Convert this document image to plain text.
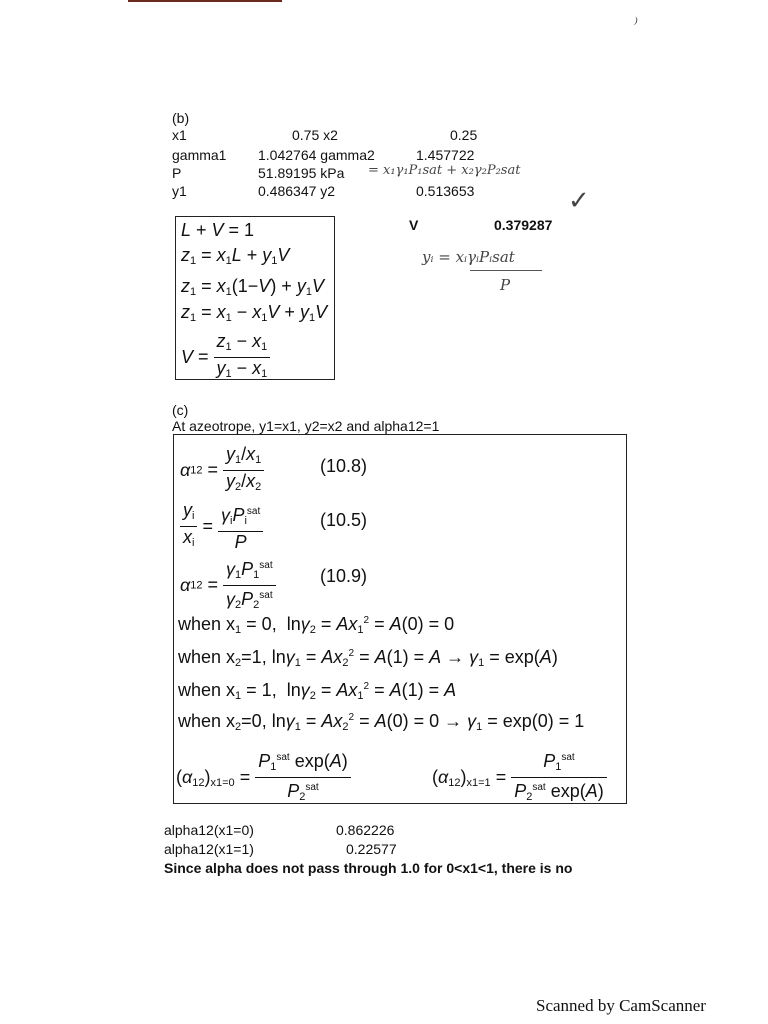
⁾
(b)
x1	0.75 x2	0.25
gamma1 1.042764 gamma2	1.457722
P	51.89195 kPa = x₁γ₁P₁sat + x₂γ₂P₂sat
y1	0.486347 y2	0.513653	✓
L + V = 1
$z_1 = x_1L + y_1V$
$z_1 = x_1(1-V) + y_1V$
$z_1 = x_1 - x_1V + y_1V$
$V = \frac{z_1 - x_1}{y_1 - x_1}$
V	0.379287
yᵢ = xᵢγᵢPᵢsat
P
(c)
At azeotrope, y1=x1, y2=x2 and alpha12=1
$\alpha 12 = \frac{y_1/x_1}{y_2/x_2}$	(10.8)
$\frac{y_i}{x_i} = \frac{\gamma_iP_i^{sat}}{P}$	(10.5)
$\alpha 12 = \frac{\gamma_1P_1^{sat}}{\gamma_2P_2^{sat}} (10.9)$
when $x_1 = 0$,  $\ln\gamma_2 = Ax_1^2 = A(0) = 0$
when $x_2=1$, $\ln\gamma_1 = Ax_2^2 = A(1) = A \to \gamma_1 = \exp(A)$
when $x_1 = 1$,  $\ln\gamma_2 = Ax_1^2 = A(1) = A$
when $x_2=0$, $\ln\gamma_1 = Ax_2^2 = A(0) = 0 \to \gamma_1 = \exp(0) = 1$
$(\alpha_{12})_{x1=0} = \frac{P_1^{sat} \exp(A)}{P_2^{sat}}$	$(\alpha_{12})_{x1=1} = \frac{P_1^{sat}}{P_2^{sat} \exp(A)}$
alpha12(x1=0)	0.862226
alpha12(x1=1)	0.22577
Since alpha does not pass through 1.0 for 0<x1<1, there is no
Scanned by CamScanner
